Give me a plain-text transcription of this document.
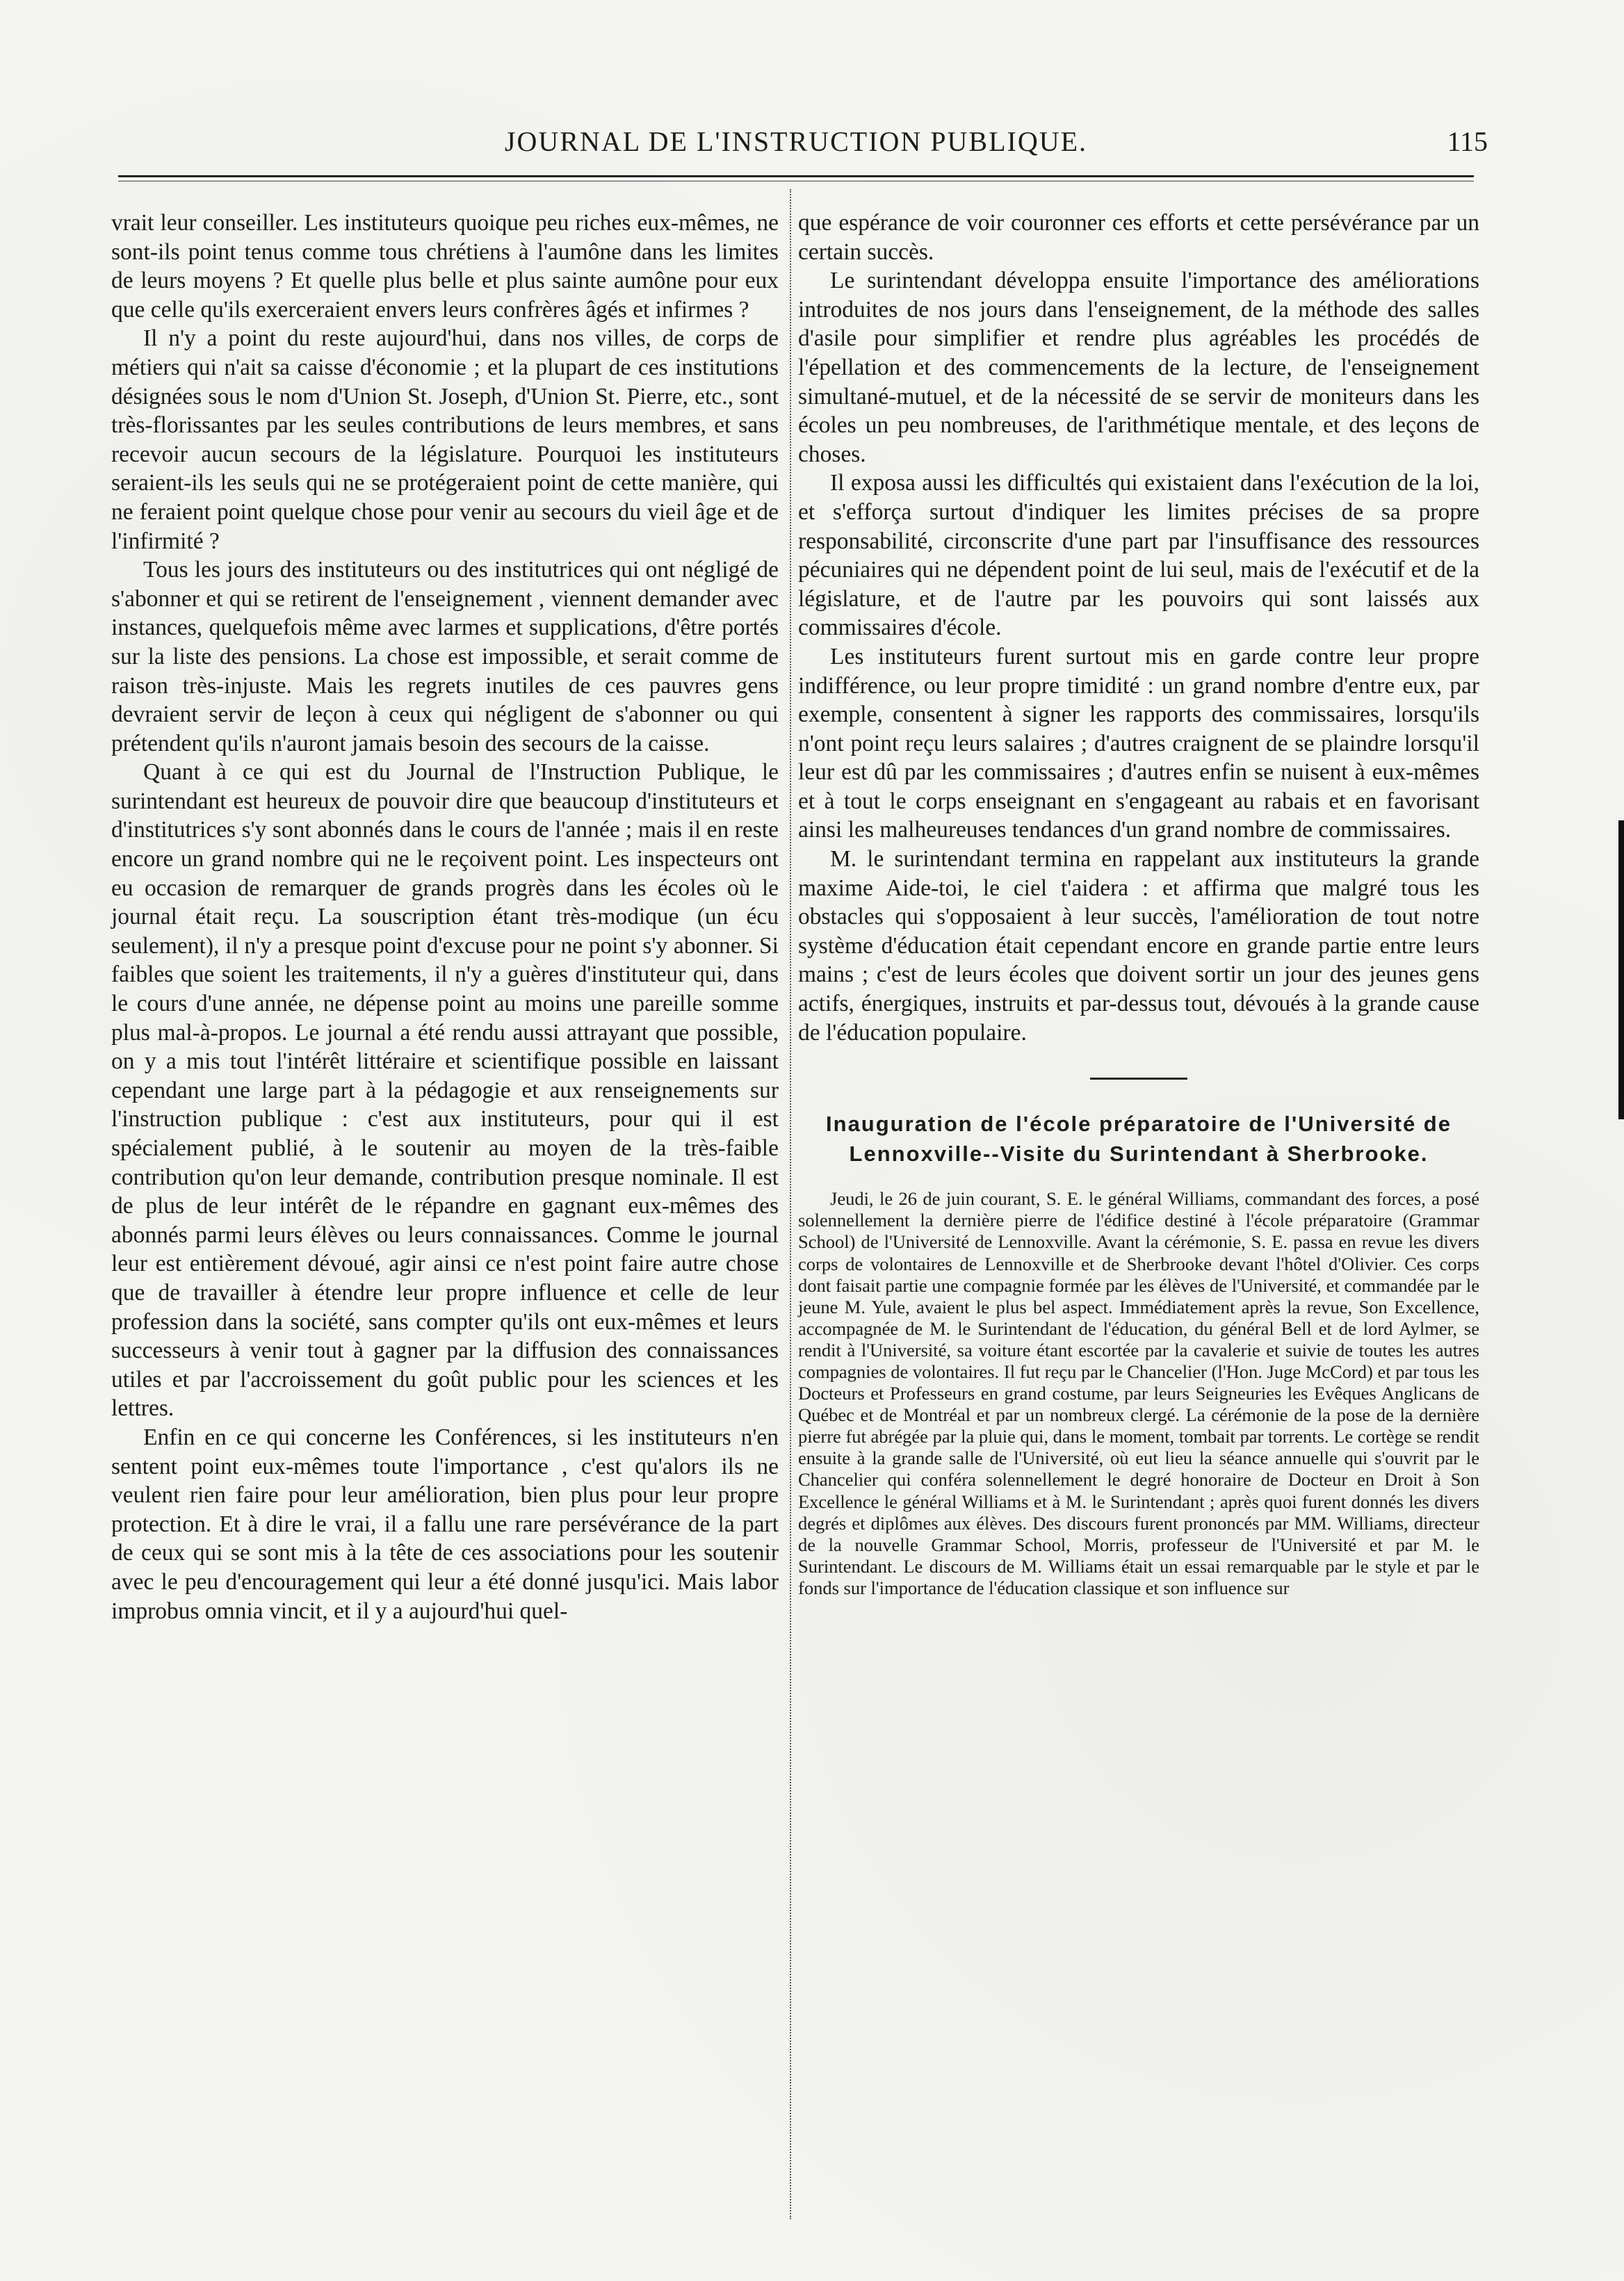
JOURNAL DE L'INSTRUCTION PUBLIQUE.	115

vrait leur conseiller. Les instituteurs quoique peu riches eux-mêmes, ne sont-ils point tenus comme tous chrétiens à l'aumône dans les limites de leurs moyens ? Et quelle plus belle et plus sainte aumône pour eux que celle qu'ils exerceraient envers leurs confrères âgés et infirmes ?

Il n'y a point du reste aujourd'hui, dans nos villes, de corps de métiers qui n'ait sa caisse d'économie ; et la plupart de ces institutions désignées sous le nom d'Union St. Joseph, d'Union St. Pierre, etc., sont très-florissantes par les seules contributions de leurs membres, et sans recevoir aucun secours de la législature. Pourquoi les instituteurs seraient-ils les seuls qui ne se protégeraient point de cette manière, qui ne feraient point quelque chose pour venir au secours du vieil âge et de l'infirmité ?

Tous les jours des instituteurs ou des institutrices qui ont négligé de s'abonner et qui se retirent de l'enseignement , viennent demander avec instances, quelquefois même avec larmes et supplications, d'être portés sur la liste des pensions. La chose est impossible, et serait comme de raison très-injuste. Mais les regrets inutiles de ces pauvres gens devraient servir de leçon à ceux qui négligent de s'abonner ou qui prétendent qu'ils n'auront jamais besoin des secours de la caisse.

Quant à ce qui est du Journal de l'Instruction Publique, le surintendant est heureux de pouvoir dire que beaucoup d'instituteurs et d'institutrices s'y sont abonnés dans le cours de l'année ; mais il en reste encore un grand nombre qui ne le reçoivent point. Les inspecteurs ont eu occasion de remarquer de grands progrès dans les écoles où le journal était reçu. La souscription étant très-modique (un écu seulement), il n'y a presque point d'excuse pour ne point s'y abonner. Si faibles que soient les traitements, il n'y a guères d'instituteur qui, dans le cours d'une année, ne dépense point au moins une pareille somme plus mal-à-propos. Le journal a été rendu aussi attrayant que possible, on y a mis tout l'intérêt littéraire et scientifique possible en laissant cependant une large part à la pédagogie et aux renseignements sur l'instruction publique : c'est aux instituteurs, pour qui il est spécialement publié, à le soutenir au moyen de la très-faible contribution qu'on leur demande, contribution presque nominale. Il est de plus de leur intérêt de le répandre en gagnant eux-mêmes des abonnés parmi leurs élèves ou leurs connaissances. Comme le journal leur est entièrement dévoué, agir ainsi ce n'est point faire autre chose que de travailler à étendre leur propre influence et celle de leur profession dans la société, sans compter qu'ils ont eux-mêmes et leurs successeurs à venir tout à gagner par la diffusion des connaissances utiles et par l'accroissement du goût public pour les sciences et les lettres.

Enfin en ce qui concerne les Conférences, si les instituteurs n'en sentent point eux-mêmes toute l'importance , c'est qu'alors ils ne veulent rien faire pour leur amélioration, bien plus pour leur propre protection. Et à dire le vrai, il a fallu une rare persévérance de la part de ceux qui se sont mis à la tête de ces associations pour les soutenir avec le peu d'encouragement qui leur a été donné jusqu'ici. Mais labor improbus omnia vincit, et il y a aujourd'hui quel-

que espérance de voir couronner ces efforts et cette persévérance par un certain succès.

Le surintendant développa ensuite l'importance des améliorations introduites de nos jours dans l'enseignement, de la méthode des salles d'asile pour simplifier et rendre plus agréables les procédés de l'épellation et des commencements de la lecture, de l'enseignement simultané-mutuel, et de la nécessité de se servir de moniteurs dans les écoles un peu nombreuses, de l'arithmétique mentale, et des leçons de choses.

Il exposa aussi les difficultés qui existaient dans l'exécution de la loi, et s'efforça surtout d'indiquer les limites précises de sa propre responsabilité, circonscrite d'une part par l'insuffisance des ressources pécuniaires qui ne dépendent point de lui seul, mais de l'exécutif et de la législature, et de l'autre par les pouvoirs qui sont laissés aux commissaires d'école.

Les instituteurs furent surtout mis en garde contre leur propre indifférence, ou leur propre timidité : un grand nombre d'entre eux, par exemple, consentent à signer les rapports des commissaires, lorsqu'ils n'ont point reçu leurs salaires ; d'autres craignent de se plaindre lorsqu'il leur est dû par les commissaires ; d'autres enfin se nuisent à eux-mêmes et à tout le corps enseignant en s'engageant au rabais et en favorisant ainsi les malheureuses tendances d'un grand nombre de commissaires.

M. le surintendant termina en rappelant aux instituteurs la grande maxime Aide-toi, le ciel t'aidera : et affirma que malgré tous les obstacles qui s'opposaient à leur succès, l'amélioration de tout notre système d'éducation était cependant encore en grande partie entre leurs mains ; c'est de leurs écoles que doivent sortir un jour des jeunes gens actifs, énergiques, instruits et par-dessus tout, dévoués à la grande cause de l'éducation populaire.

Inauguration de l'école préparatoire de l'Université de Lennoxville--Visite du Surintendant à Sherbrooke.

Jeudi, le 26 de juin courant, S. E. le général Williams, commandant des forces, a posé solennellement la dernière pierre de l'édifice destiné à l'école préparatoire (Grammar School) de l'Université de Lennoxville. Avant la cérémonie, S. E. passa en revue les divers corps de volontaires de Lennoxville et de Sherbrooke devant l'hôtel d'Olivier. Ces corps dont faisait partie une compagnie formée par les élèves de l'Université, et commandée par le jeune M. Yule, avaient le plus bel aspect. Immédiatement après la revue, Son Excellence, accompagnée de M. le Surintendant de l'éducation, du général Bell et de lord Aylmer, se rendit à l'Université, sa voiture étant escortée par la cavalerie et suivie de toutes les autres compagnies de volontaires. Il fut reçu par le Chancelier (l'Hon. Juge McCord) et par tous les Docteurs et Professeurs en grand costume, par leurs Seigneuries les Evêques Anglicans de Québec et de Montréal et par un nombreux clergé. La cérémonie de la pose de la dernière pierre fut abrégée par la pluie qui, dans le moment, tombait par torrents. Le cortège se rendit ensuite à la grande salle de l'Université, où eut lieu la séance annuelle qui s'ouvrit par le Chancelier qui conféra solennellement le degré honoraire de Docteur en Droit à Son Excellence le général Williams et à M. le Surintendant ; après quoi furent donnés les divers degrés et diplômes aux élèves. Des discours furent prononcés par MM. Williams, directeur de la nouvelle Grammar School, Morris, professeur de l'Université et par M. le Surintendant. Le discours de M. Williams était un essai remarquable par le style et par le fonds sur l'importance de l'éducation classique et son influence sur
